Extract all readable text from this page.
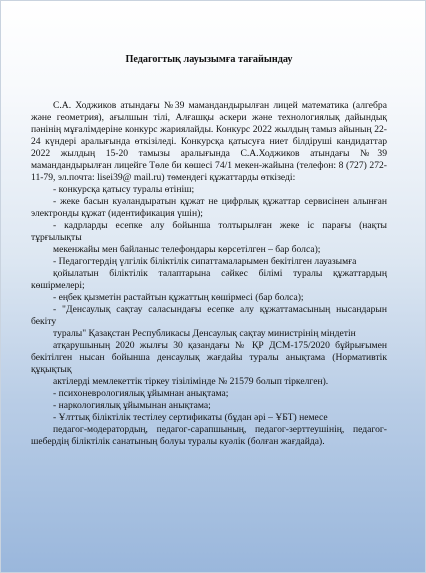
Педагогтық лауызымға тағайындау

С.А. Ходжиков атындағы №39 мамандандырылған лицей математика (алгебра және геометрия), ағылшын тілі, Алғашқы әскери және технологиялық дайындық пәнінің мұғалімдеріне конкурс жариялайды. Конкурс 2022 жылдың тамыз айының 22-24 күндері аралығында өткізіледі. Конкурсқа қатысуға ниет білдіруші кандидаттар 2022 жылдың 15-20 тамызы аралығында С.А.Ходжиков атындағы №39 мамандандырылған лицейге Төле би көшесі 74/1 мекен-жайына (телефон: 8 (727) 272-11-79, эл.почта: lisei39@ mail.ru) төмендегі құжаттарды өткізеді:

- конкурсқа қатысу туралы өтініш;

- жеке басын куәландыратын құжат не цифрлық құжаттар сервисінен алынған электронды құжат (идентификация үшін);

- кадрларды есепке алу бойынша толтырылған жеке іс парағы (нақты тұрғылықты

мекенжайы мен байланыс телефондары көрсетілген – бар болса);

- Педагогтердің үлгілік біліктілік сипаттамаларымен бекітілген лауазымға

қойылатын біліктілік талаптарына сәйкес білімі туралы құжаттардың көшірмелері;

- еңбек қызметін растайтын құжаттың көшірмесі (бар болса);

- "Денсаулық сақтау саласындағы есепке алу құжаттамасының нысандарын бекіту

туралы" Қазақстан Республикасы Денсаулық сақтау министрінің міндетін

атқарушының 2020 жылғы 30 қазандағы № ҚР ДСМ-175/2020 бұйрығымен бекітілген нысан бойынша денсаулық жағдайы туралы анықтама (Нормативтік құқықтық

актілерді мемлекеттік тіркеу тізілімінде № 21579 болып тіркелген).

- психоневрологиялық ұйымнан анықтама;

- наркологиялық ұйымынан анықтама;

- Ұлттық біліктілік тестілеу сертификаты (бұдан әрі – ҰБТ) немесе

педагог-модератордың, педагог-сарапшының, педагог-зерттеушінің, педагог-шебердің біліктілік санатының болуы туралы куәлік (болған жағдайда).
